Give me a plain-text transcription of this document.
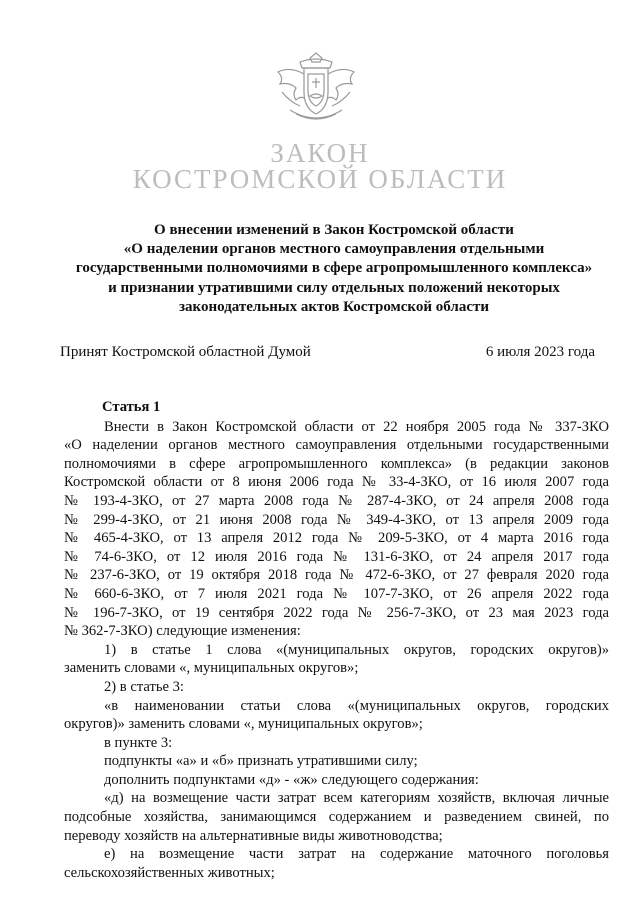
ЗАКОН
КОСТРОМСКОЙ ОБЛАСТИ
О внесении изменений в Закон Костромской области
«О наделении органов местного самоуправления отдельными
государственными полномочиями в сфере агропромышленного комплекса»
и признании утратившими силу отдельных положений некоторых
законодательных актов Костромской области
Принят Костромской областной Думой	6 июля 2023 года
Статья 1
Внести в Закон Костромской области от 22 ноября 2005 года № 337-ЗКО
«О наделении органов местного самоуправления отдельными государственными
полномочиями в сфере агропромышленного комплекса» (в редакции законов
Костромской области от 8 июня 2006 года № 33-4-ЗКО, от 16 июля 2007 года
№ 193-4-ЗКО, от 27 марта 2008 года № 287-4-ЗКО, от 24 апреля 2008 года
№ 299-4-ЗКО, от 21 июня 2008 года № 349-4-ЗКО, от 13 апреля 2009 года
№ 465-4-ЗКО, от 13 апреля 2012 года № 209-5-ЗКО, от 4 марта 2016 года
№ 74-6-ЗКО, от 12 июля 2016 года № 131-6-ЗКО, от 24 апреля 2017 года
№ 237-6-ЗКО, от 19 октября 2018 года № 472-6-ЗКО, от 27 февраля 2020 года
№ 660-6-ЗКО, от 7 июля 2021 года № 107-7-ЗКО, от 26 апреля 2022 года
№ 196-7-ЗКО, от 19 сентября 2022 года № 256-7-ЗКО, от 23 мая 2023 года
№ 362-7-ЗКО) следующие изменения:
1) в статье 1 слова «(муниципальных округов, городских округов)»
заменить словами «, муниципальных округов»;
2) в статье 3:
«в наименовании статьи слова «(муниципальных округов, городских
округов)» заменить словами «, муниципальных округов»;
в пункте 3:
подпункты «а» и «б» признать утратившими силу;
дополнить подпунктами «д» - «ж» следующего содержания:
«д) на возмещение части затрат всем категориям хозяйств, включая личные
подсобные хозяйства, занимающимся содержанием и разведением свиней, по
переводу хозяйств на альтернативные виды животноводства;
е) на возмещение части затрат на содержание маточного поголовья
сельскохозяйственных животных;
